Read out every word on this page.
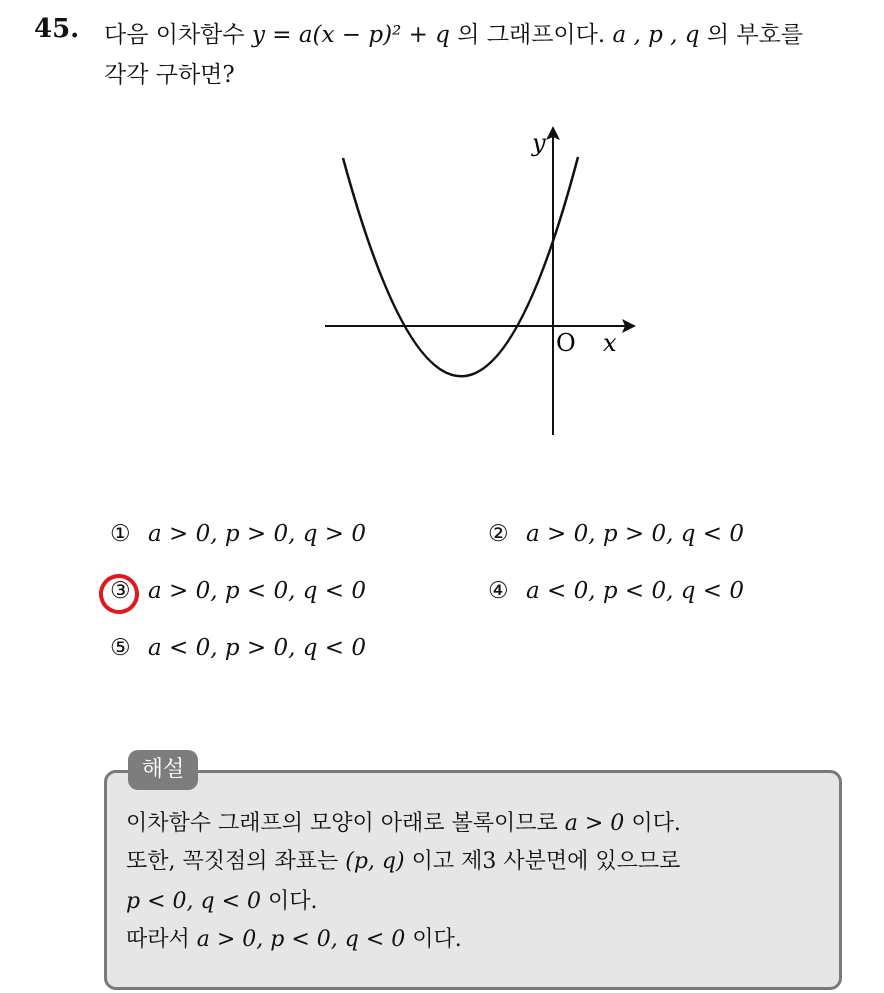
45. 다음 이차함수 y = a(x − p)² + q 의 그래프이다. a , p , q 의 부호를
각각 구하면?
y
x
O
① a > 0, p > 0, q > 0	② a > 0, p > 0, q < 0
③ a > 0, p < 0, q < 0	④ a < 0, p < 0, q < 0
⑤ a < 0, p > 0, q < 0
해설
이차함수 그래프의 모양이 아래로 볼록이므로 a > 0 이다.
또한, 꼭짓점의 좌표는 (p, q) 이고 제3 사분면에 있으므로
p < 0, q < 0 이다.
따라서 a > 0, p < 0, q < 0 이다.
